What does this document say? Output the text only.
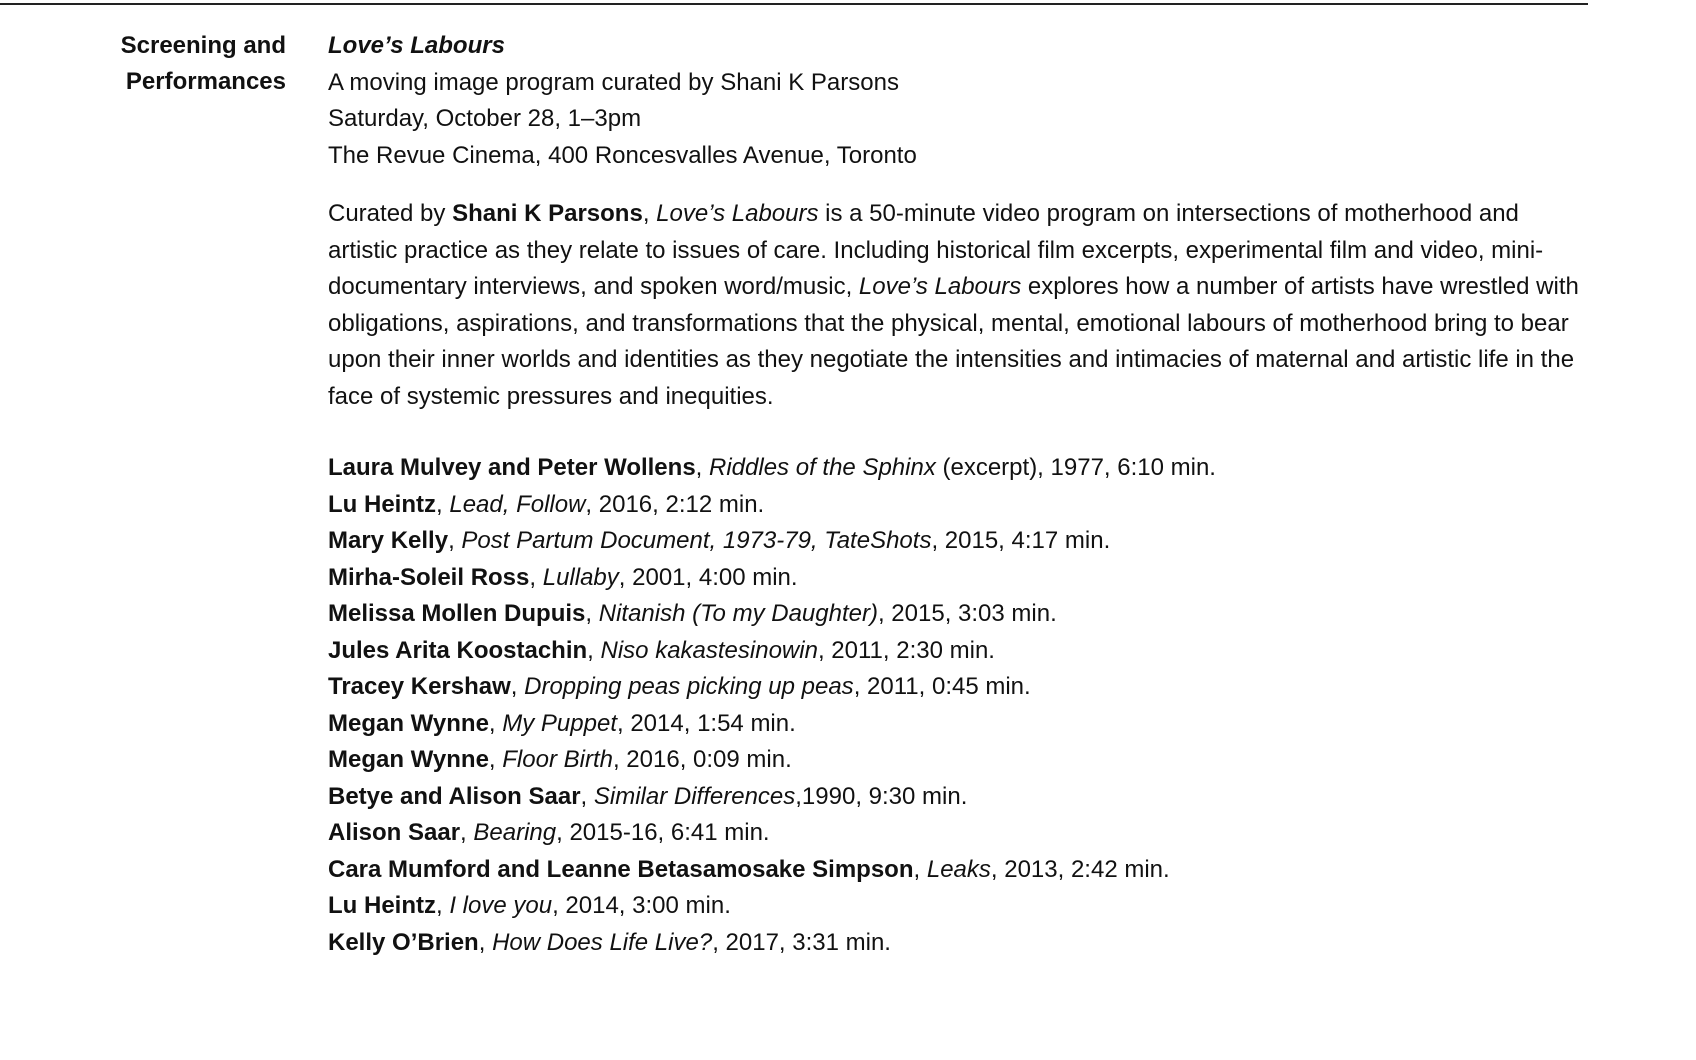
Screening and
Performances
Love’s Labours
A moving image program curated by Shani K Parsons
Saturday, October 28, 1–3pm
The Revue Cinema, 400 Roncesvalles Avenue, Toronto

Curated by Shani K Parsons, Love’s Labours is a 50-minute video program on intersections of motherhood and artistic practice as they relate to issues of care. Including historical film excerpts, experimental film and video, mini-documentary interviews, and spoken word/music, Love’s Labours explores how a number of artists have wrestled with obligations, aspirations, and transformations that the physical, mental, emotional labours of motherhood bring to bear upon their inner worlds and identities as they negotiate the intensities and intimacies of maternal and artistic life in the face of systemic pressures and inequities.

Laura Mulvey and Peter Wollens, Riddles of the Sphinx (excerpt), 1977, 6:10 min.
Lu Heintz, Lead, Follow, 2016, 2:12 min.
Mary Kelly, Post Partum Document, 1973-79, TateShots, 2015, 4:17 min.
Mirha-Soleil Ross, Lullaby, 2001, 4:00 min.
Melissa Mollen Dupuis, Nitanish (To my Daughter), 2015, 3:03 min.
Jules Arita Koostachin, Niso kakastesinowin, 2011, 2:30 min.
Tracey Kershaw, Dropping peas picking up peas, 2011, 0:45 min.
Megan Wynne, My Puppet, 2014, 1:54 min.
Megan Wynne, Floor Birth, 2016, 0:09 min.
Betye and Alison Saar, Similar Differences,1990, 9:30 min.
Alison Saar, Bearing, 2015-16, 6:41 min.
Cara Mumford and Leanne Betasamosake Simpson, Leaks, 2013, 2:42 min.
Lu Heintz, I love you, 2014, 3:00 min.
Kelly O’Brien, How Does Life Live?, 2017, 3:31 min.
